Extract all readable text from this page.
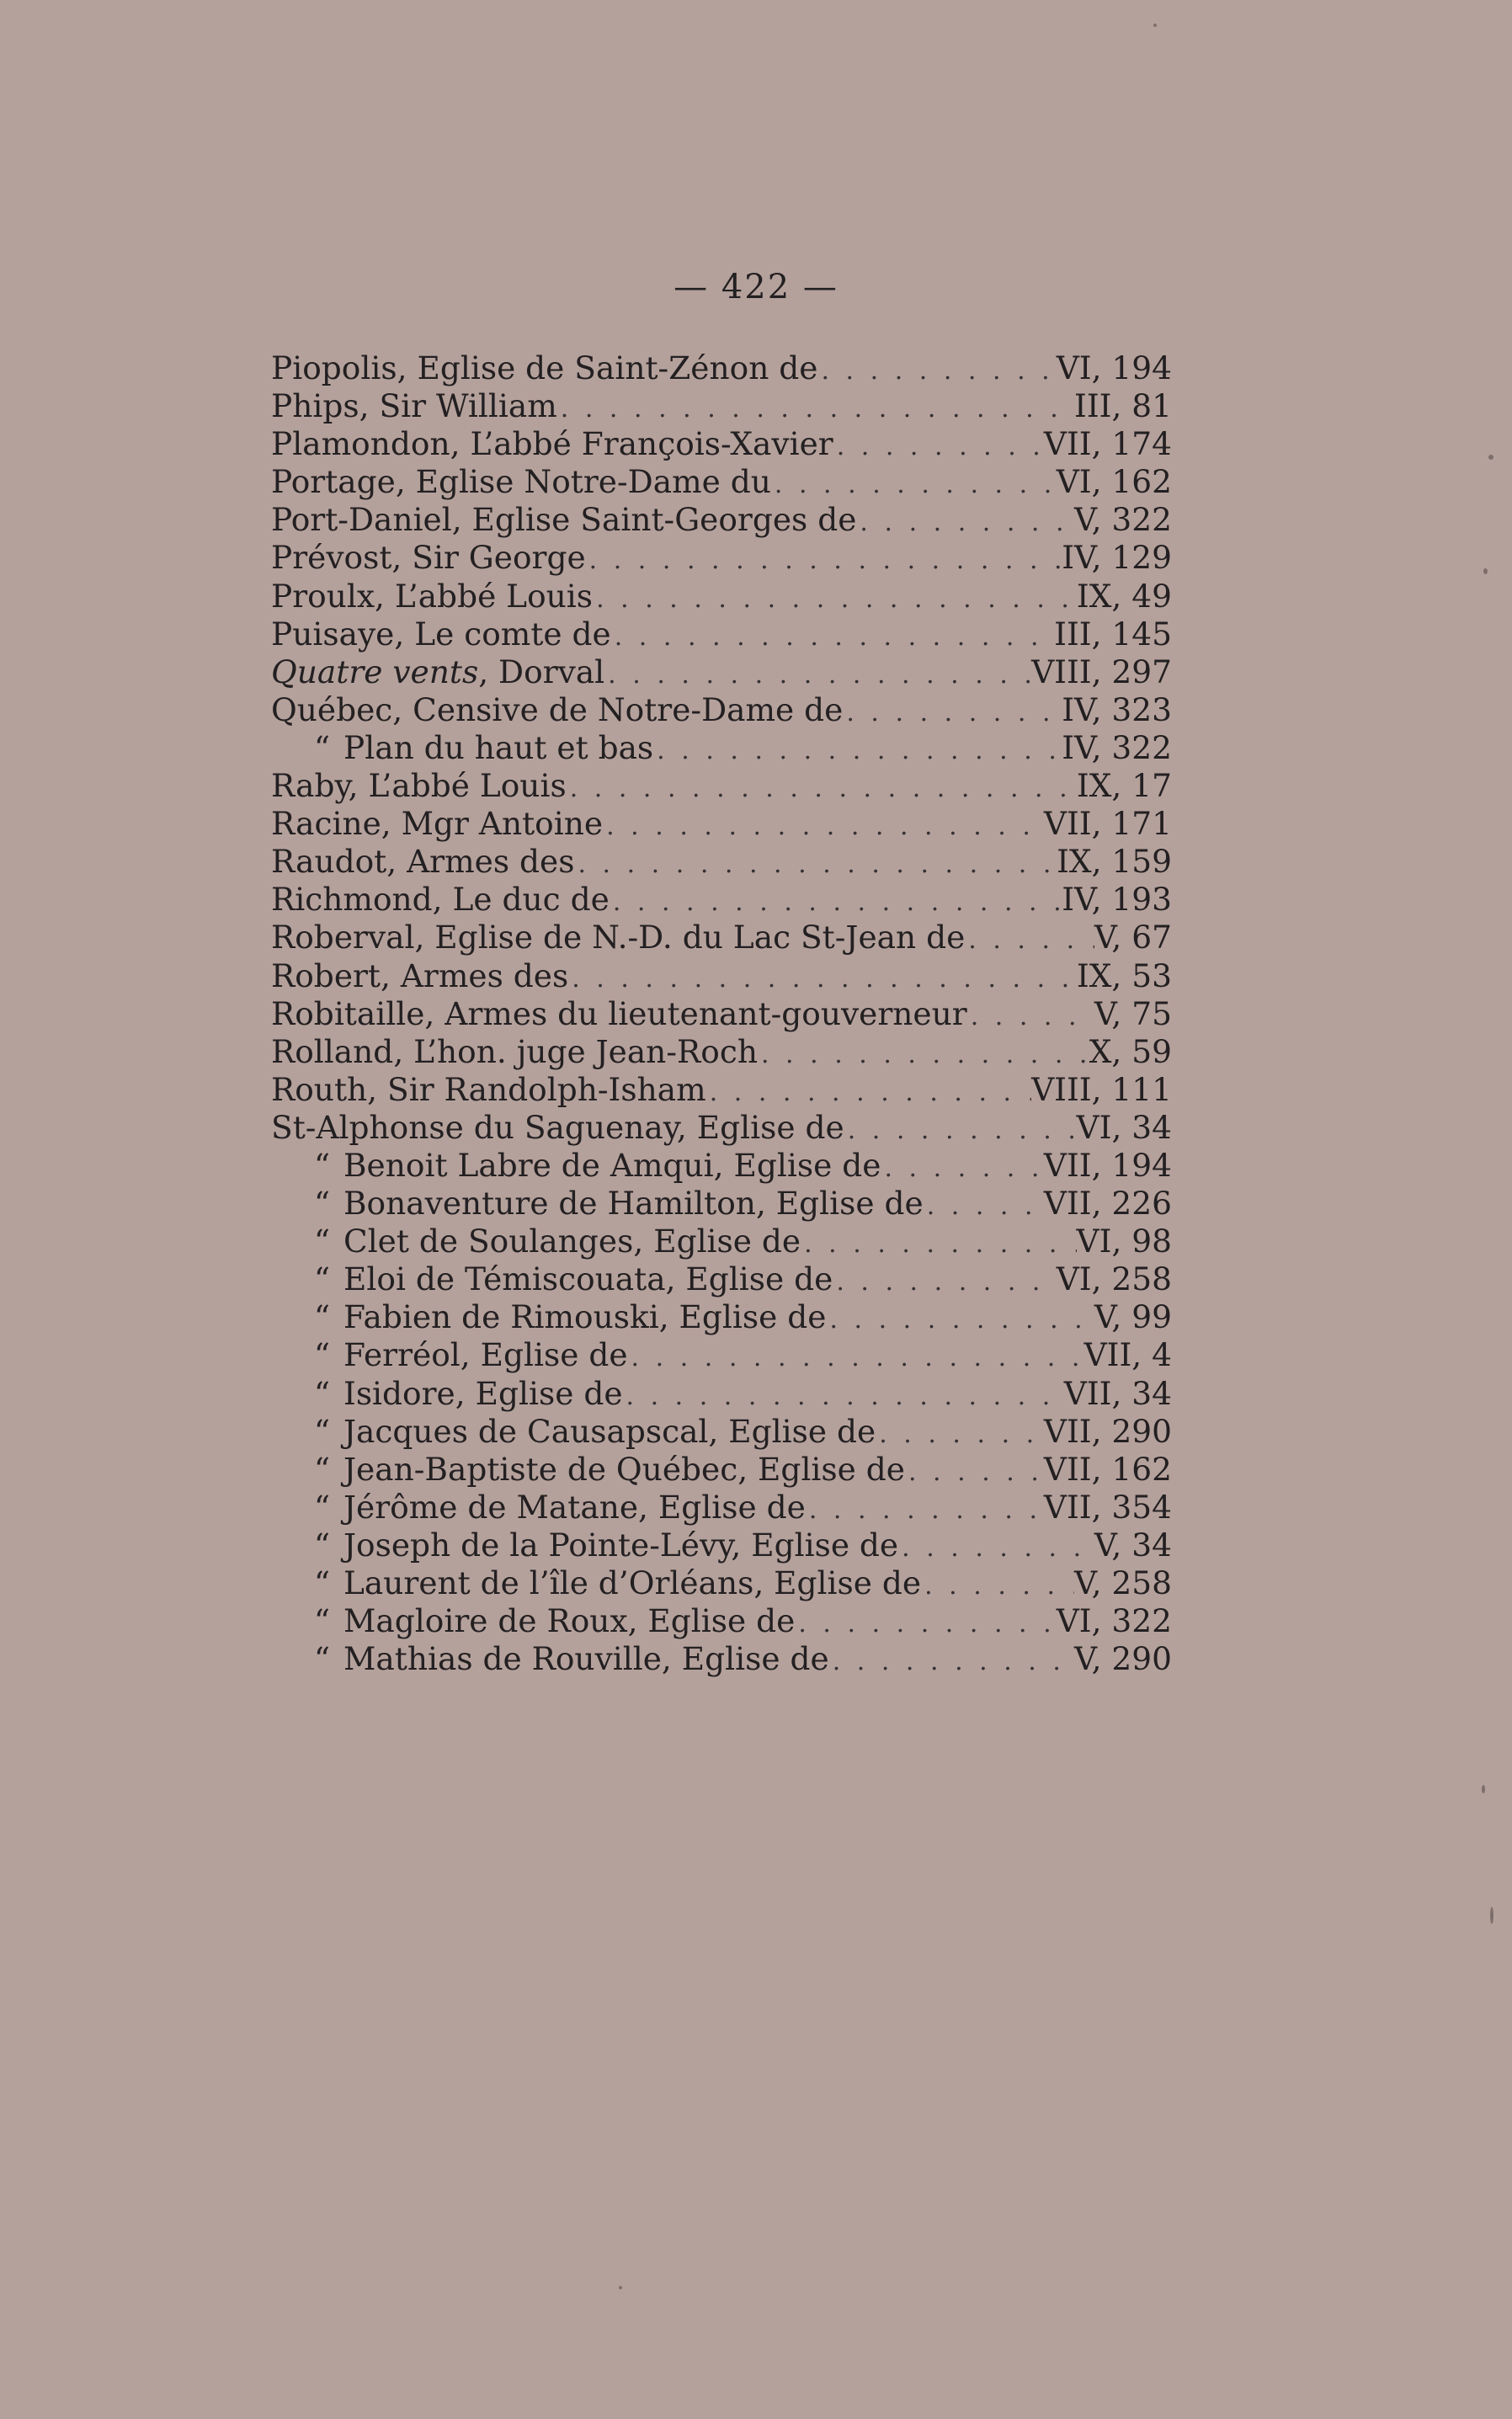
— 422 —
Piopolis, Eglise de Saint-Zénon de . . .	VI, 194
Phips, Sir William . . .	III, 81
Plamondon, L’abbé François-Xavier . . .	VII, 174
Portage, Eglise Notre-Dame du . . .	VI, 162
Port-Daniel, Eglise Saint-Georges de . . .	V, 322
Prévost, Sir George . . .	IV, 129
Proulx, L’abbé Louis . . .	IX, 49
Puisaye, Le comte de . . .	III, 145
Quatre vents, Dorval . . .	VIII, 297
Québec, Censive de Notre-Dame de . . .	IV, 323
“ Plan du haut et bas . . .	IV, 322
Raby, L’abbé Louis . . .	IX, 17
Racine, Mgr Antoine . . .	VII, 171
Raudot, Armes des . . .	IX, 159
Richmond, Le duc de . . .	IV, 193
Roberval, Eglise de N.-D. du Lac St-Jean de . . .	V, 67
Robert, Armes des . . .	IX, 53
Robitaille, Armes du lieutenant-gouverneur . . .	V, 75
Rolland, L’hon. juge Jean-Roch . . .	X, 59
Routh, Sir Randolph-Isham . . .	VIII, 111
St-Alphonse du Saguenay, Eglise de . . .	VI, 34
“ Benoit Labre de Amqui, Eglise de . . .	VII, 194
“ Bonaventure de Hamilton, Eglise de . . .	VII, 226
“ Clet de Soulanges, Eglise de . . .	VI, 98
“ Eloi de Témiscouata, Eglise de . . .	VI, 258
“ Fabien de Rimouski, Eglise de . . .	V, 99
“ Ferréol, Eglise de . . .	VII, 4
“ Isidore, Eglise de . . .	VII, 34
“ Jacques de Causapscal, Eglise de . . .	VII, 290
“ Jean-Baptiste de Québec, Eglise de . . .	VII, 162
“ Jérôme de Matane, Eglise de . . .	VII, 354
“ Joseph de la Pointe-Lévy, Eglise de . . .	V, 34
“ Laurent de l’île d’Orléans, Eglise de . . .	V, 258
“ Magloire de Roux, Eglise de . . .	VI, 322
“ Mathias de Rouville, Eglise de . . .	V, 290
